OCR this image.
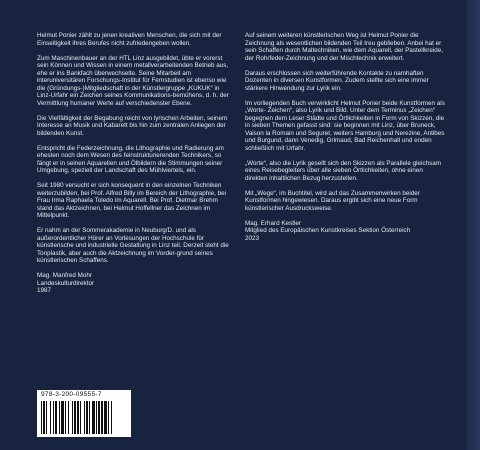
Helmut Ponier zählt zu jenen kreativen Menschen, die sich mit der Einseitigkeit ihres Berufes nicht zufriedengeben wollen.

Zum Maschinenbauer an der HTL Linz ausgebildet, übte er vorerst sein Können und Wissen in einem metallverarbeitenden Betrieb aus, ehe er ins Bankfach überwechselte. Seine Mitarbeit am interuniversitären Forschungs-Institut für Fernstudien ist ebenso wie die (Gründungs-)Mitgliedschaft in der Künstlergruppe „KUKUK“ in Linz-Urfahr ein Zeichen seines Kommunikations-bemühens, d. h. der Vermittlung humaner Werte auf verschiedenster Ebene.

Die Vielfältigkeit der Begabung reicht von lyrischen Arbeiten, seinem Interesse an Musik und Kabarett bis hin zum zentralen Anliegen der bildenden Kunst.

Entspricht die Federzeichnung, die Lithographie und Radierung am ehesten noch dem Wesen des feinstrukturierenden Technikers, so fängt er in seinen Aquarellen und Ölbildern die Stimmungen seiner Umgebung, speziell der Landschaft des Mühlviertels, ein.

Seit 1980 versucht er sich konsequent in den einzelnen Techniken weiterzubilden, bei Prof. Alfred Billy im Bereich der Lithographie, bei Frau Irma Raphaela Toledo im Aquarell. Bei Prof. Dietmar Brehm stand das Aktzeichnen, bei Helmut Hoffellner das Zeichnen im Mittelpunkt.

Er nahm an der Sommerakademie in Neuburg/D. und als außerordentlicher Hörer an Vorlesungen der Hochschule für künstlerische und industrielle Gestaltung in Linz teil. Derzeit steht die Tonplastik, aber auch die Aktzeichnung im Vorder-grund seines künstlerischen Schaffens.

Mag. Manfred Mohr
Landeskulturdirektor
1987

Auf seinem weiteren künstlerischen Weg ist Helmut Ponier die Zeichnung als wesentlichen bildenden Teil treu geblieben. Anbei hat er sein Schaffen durch Maltechniken, wie dem Aquarell, der Pastellkreide, der Rohrfeder-Zeichnung und der Mischtechnik erweitert.

Daraus erschlossen sich weiterführende Kontakte zu namhaften Dozenten in diversen Kunstformen. Zudem stellte sich eine immer stärkere Hinwendung zur Lyrik ein.

Im vorliegenden Buch verwirklicht Helmut Ponier beide Kunstformen als „Worte- Zeichen“, also Lyrik und Bild. Unter dem Terminus „Zeichen“ begegnen dem Leser Städte und Örtlichkeiten in Form von Skizzen, die in sieben Themen gefasst sind: sie beginnen mit Linz, über Bruneck, Vaison la Romain und Seguret, weiters Hamburg und Nerezine, Antibes und Burgund, dann Venedig, Grimaud, Bad Reichenhall und enden schließlich mit Urfahr.

„Worte“, also die Lyrik gesellt sich den Skizzen als Parallele gleichsam eines Reisebegleiters über alle sieben Örtlichkeiten, ohne einen direkten inhaltlichen Bezug herzustellen.

Mit „Wege“, im Buchtitel, wird auf das Zusammenwirken beider Kunstformen hingewiesen. Daraus ergibt sich eine neue Form künstlerischer Ausdrucksweise.

Mag. Erhard Kestler
Mitglied des Europäischen Kunstkreises Sektion Österreich
2023
978-3-200-09555-7
